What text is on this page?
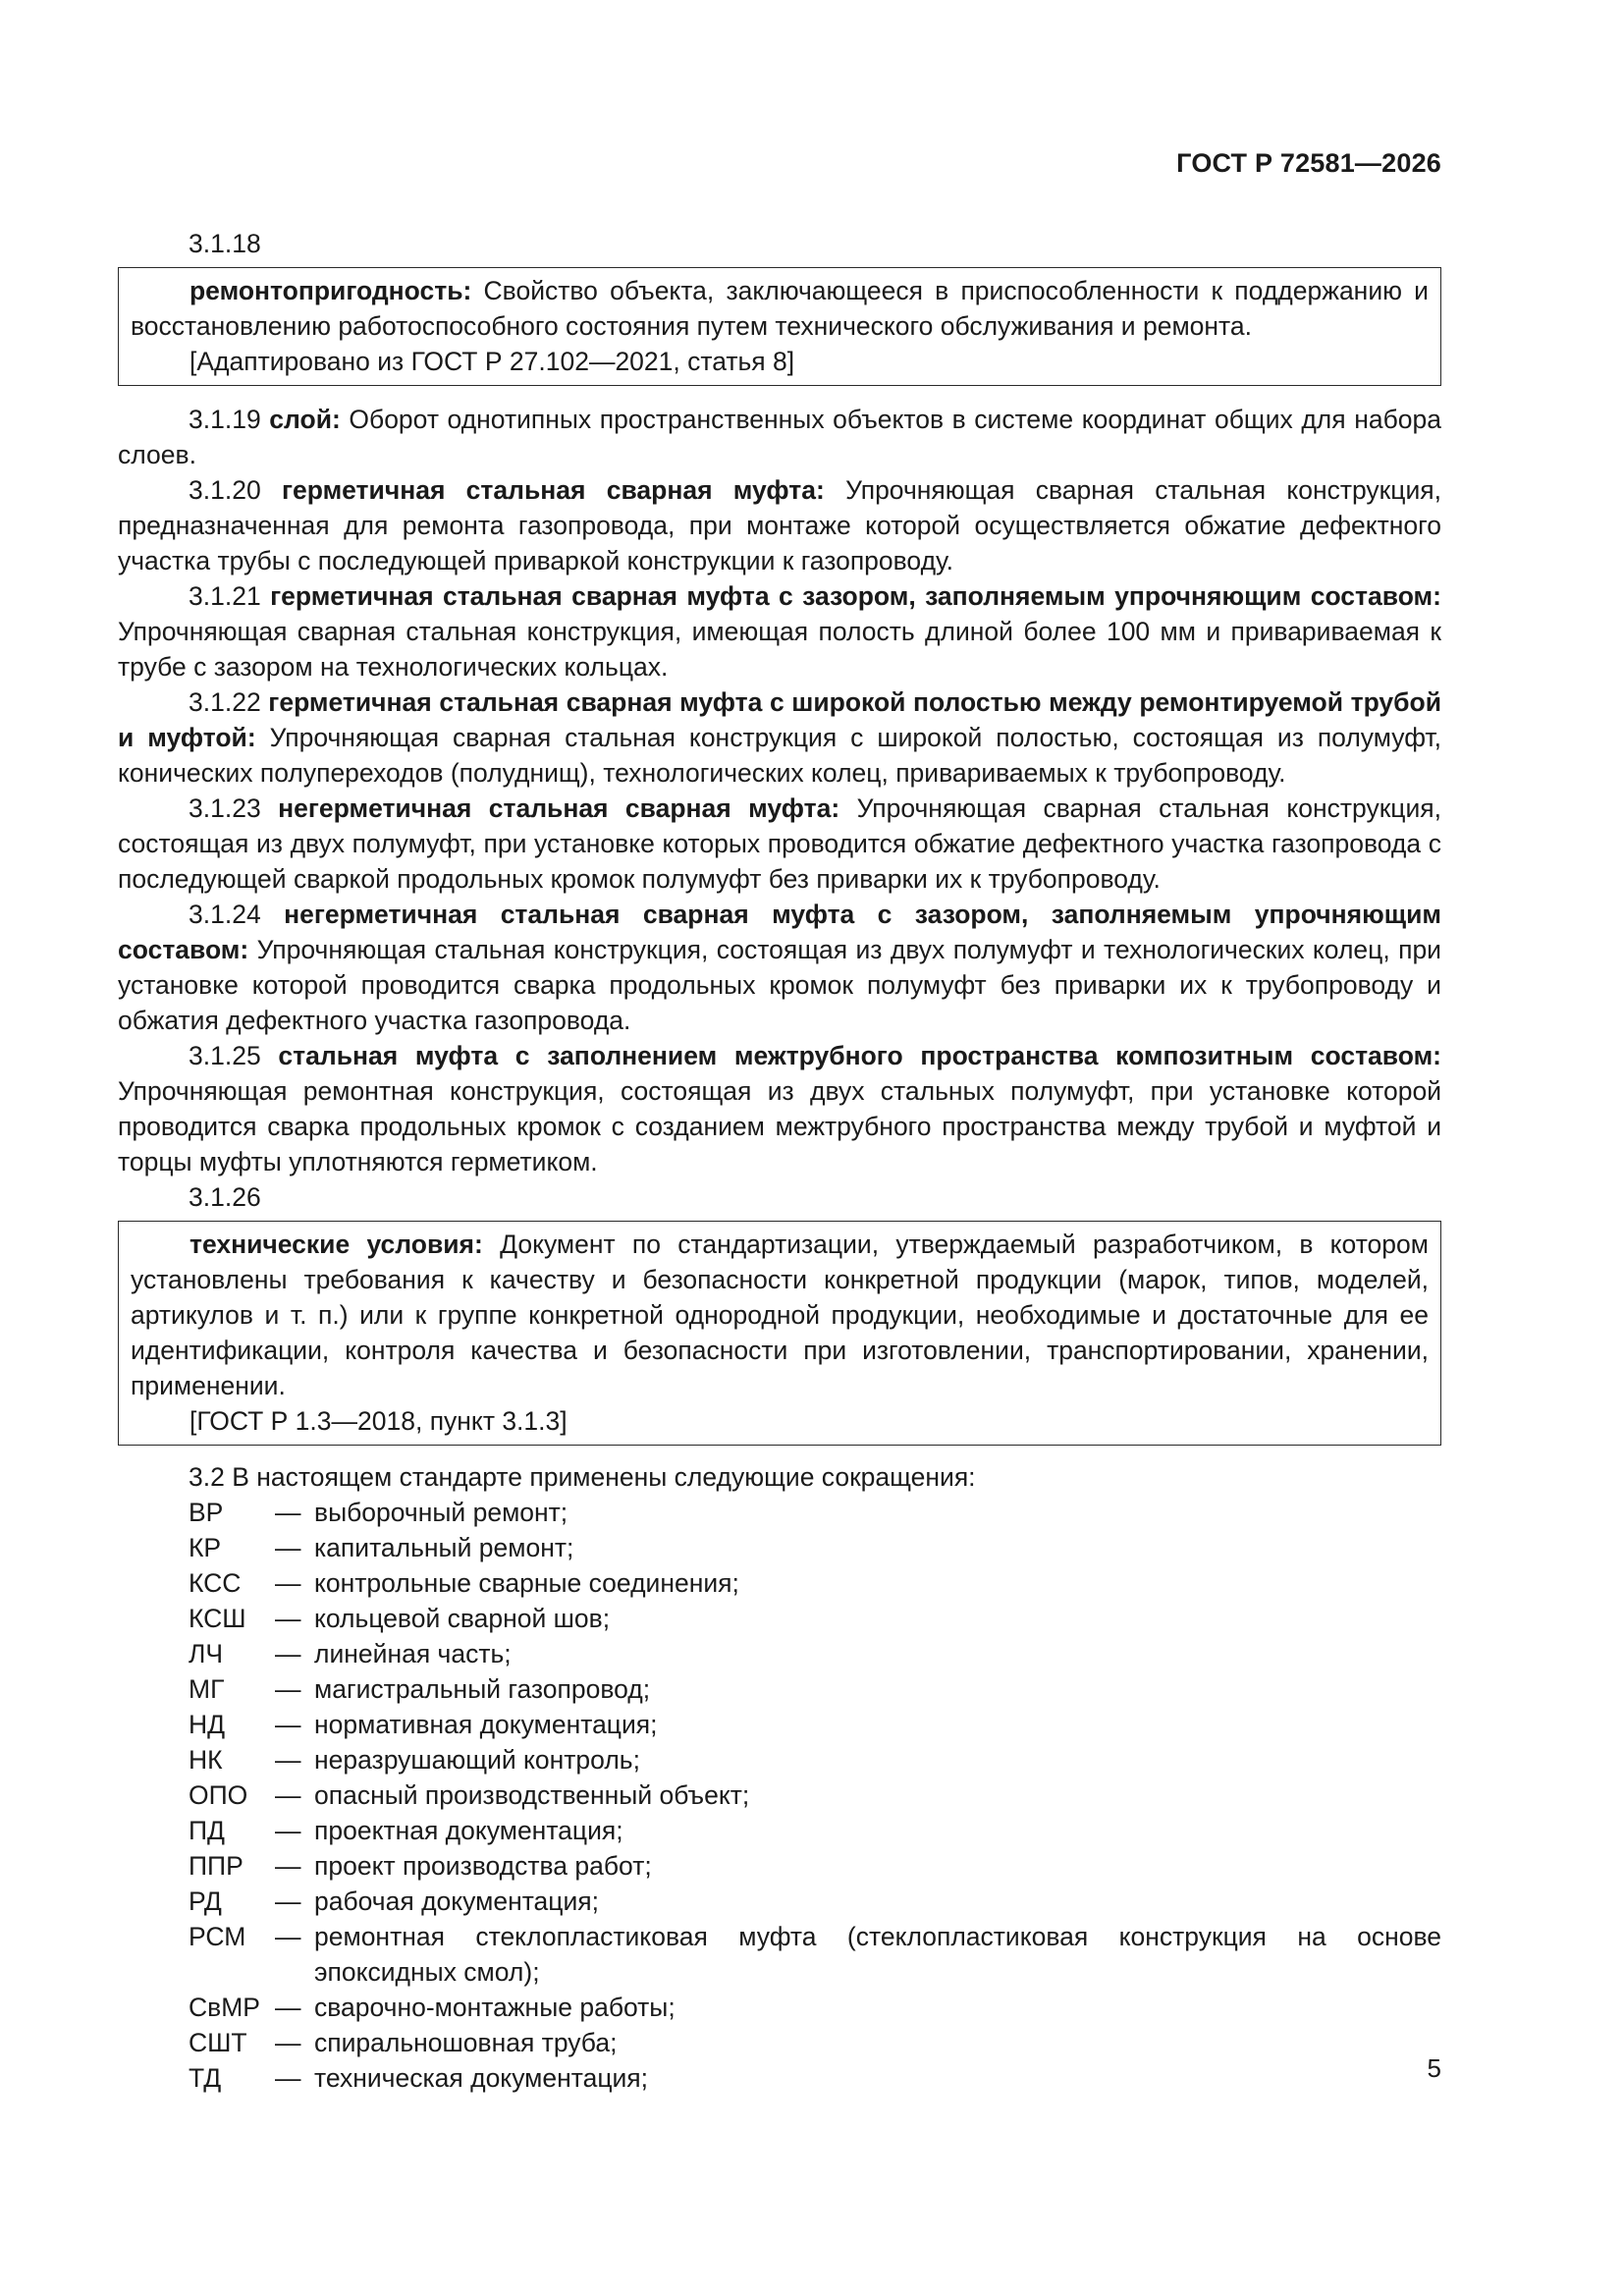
ГОСТ Р 72581—2026
3.1.18
ремонтопригодность: Свойство объекта, заключающееся в приспособленности к поддержанию и восстановлению работоспособного состояния путем технического обслуживания и ремонта.
[Адаптировано из ГОСТ Р 27.102—2021, статья 8]
3.1.19 слой: Оборот однотипных пространственных объектов в системе координат общих для набора слоев.
3.1.20 герметичная стальная сварная муфта: Упрочняющая сварная стальная конструкция, предназначенная для ремонта газопровода, при монтаже которой осуществляется обжатие дефектного участка трубы с последующей приваркой конструкции к газопроводу.
3.1.21 герметичная стальная сварная муфта с зазором, заполняемым упрочняющим составом: Упрочняющая сварная стальная конструкция, имеющая полость длиной более 100 мм и привариваемая к трубе с зазором на технологических кольцах.
3.1.22 герметичная стальная сварная муфта с широкой полостью между ремонтируемой трубой и муфтой: Упрочняющая сварная стальная конструкция с широкой полостью, состоящая из полумуфт, конических полупереходов (полуднищ), технологических колец, привариваемых к трубопроводу.
3.1.23 негерметичная стальная сварная муфта: Упрочняющая сварная стальная конструкция, состоящая из двух полумуфт, при установке которых проводится обжатие дефектного участка газопровода с последующей сваркой продольных кромок полумуфт без приварки их к трубопроводу.
3.1.24 негерметичная стальная сварная муфта с зазором, заполняемым упрочняющим составом: Упрочняющая стальная конструкция, состоящая из двух полумуфт и технологических колец, при установке которой проводится сварка продольных кромок полумуфт без приварки их к трубопроводу и обжатия дефектного участка газопровода.
3.1.25 стальная муфта с заполнением межтрубного пространства композитным составом: Упрочняющая ремонтная конструкция, состоящая из двух стальных полумуфт, при установке которой проводится сварка продольных кромок с созданием межтрубного пространства между трубой и муфтой и торцы муфты уплотняются герметиком.
3.1.26
технические условия: Документ по стандартизации, утверждаемый разработчиком, в котором установлены требования к качеству и безопасности конкретной продукции (марок, типов, моделей, артикулов и т. п.) или к группе конкретной однородной продукции, необходимые и достаточные для ее идентификации, контроля качества и безопасности при изготовлении, транспортировании, хранении, применении.
[ГОСТ Р 1.3—2018, пункт 3.1.3]
3.2 В настоящем стандарте применены следующие сокращения:
ВР	— выборочный ремонт;
КР	— капитальный ремонт;
КСС	— контрольные сварные соединения;
КСШ	— кольцевой сварной шов;
ЛЧ	— линейная часть;
МГ	— магистральный газопровод;
НД	— нормативная документация;
НК	— неразрушающий контроль;
ОПО	— опасный производственный объект;
ПД	— проектная документация;
ППР	— проект производства работ;
РД	— рабочая документация;
РСМ	— ремонтная стеклопластиковая муфта (стеклопластиковая конструкция на основе эпоксидных смол);
СвМР — сварочно-монтажные работы;
СШТ	— спиральношовная труба;
ТД	— техническая документация;	5
